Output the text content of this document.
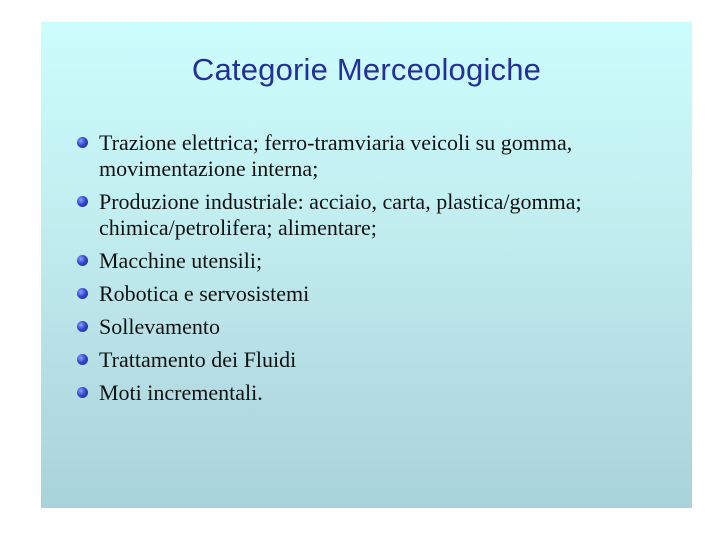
Categorie Merceologiche
Trazione elettrica; ferro-tramviaria veicoli su gomma, movimentazione interna;
Produzione industriale: acciaio, carta, plastica/gomma; chimica/petrolifera; alimentare;
Macchine utensili;
Robotica e servosistemi
Sollevamento
Trattamento dei Fluidi
Moti incrementali.
